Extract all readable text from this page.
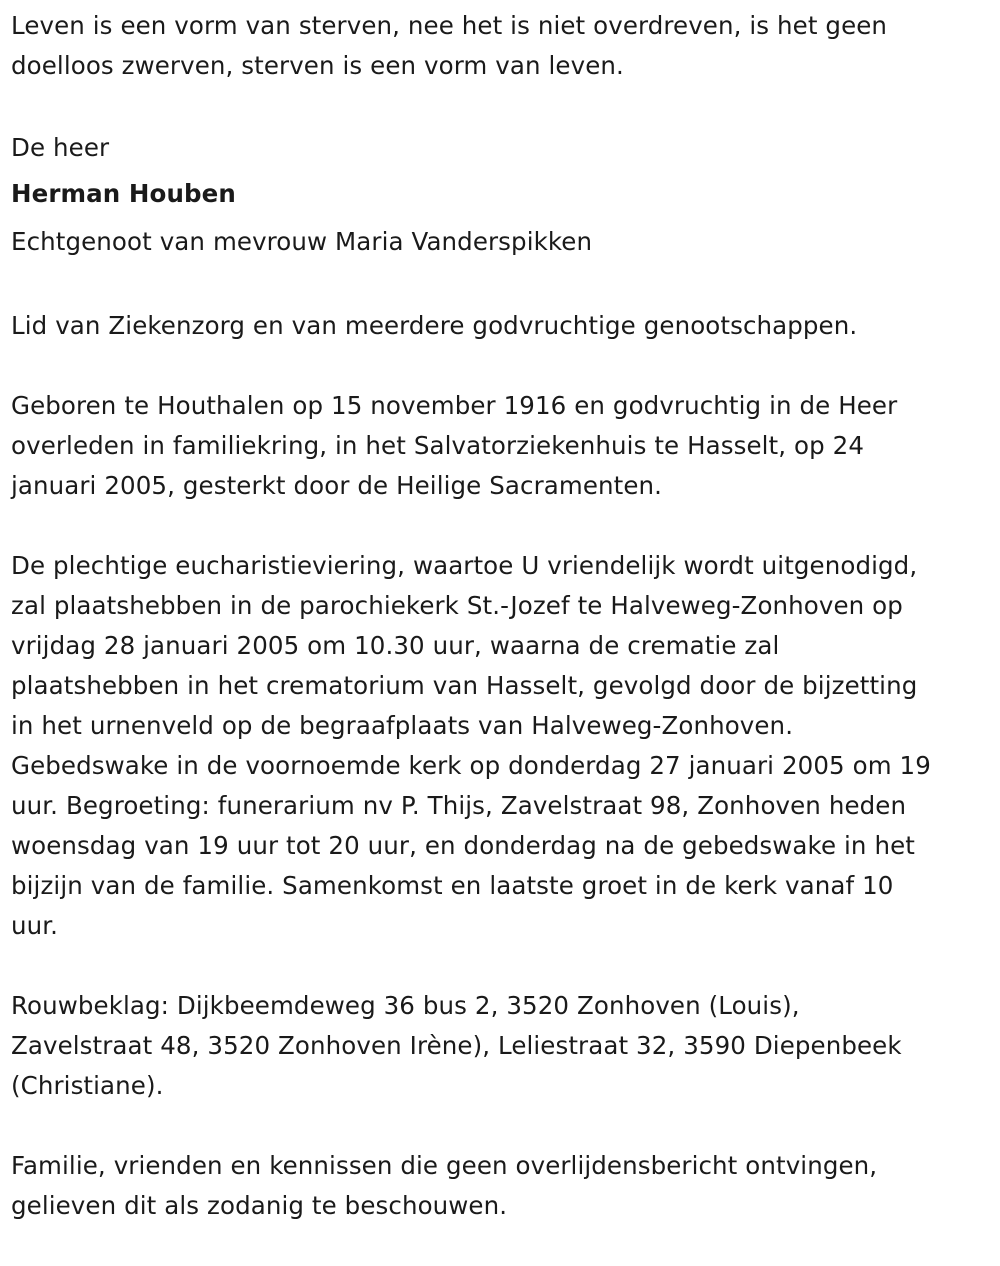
Leven is een vorm van sterven, nee het is niet overdreven, is het geen
doelloos zwerven, sterven is een vorm van leven.
De heer
Herman Houben
Echtgenoot van mevrouw Maria Vanderspikken
Lid van Ziekenzorg en van meerdere godvruchtige genootschappen.
Geboren te Houthalen op 15 november 1916 en godvruchtig in de Heer
overleden in familiekring, in het Salvatorziekenhuis te Hasselt, op 24
januari 2005, gesterkt door de Heilige Sacramenten.
De plechtige eucharistieviering, waartoe U vriendelijk wordt uitgenodigd,
zal plaatshebben in de parochiekerk St.-Jozef te Halveweg-Zonhoven op
vrijdag 28 januari 2005 om 10.30 uur, waarna de crematie zal
plaatshebben in het crematorium van Hasselt, gevolgd door de bijzetting
in het urnenveld op de begraafplaats van Halveweg-Zonhoven.
Gebedswake in de voornoemde kerk op donderdag 27 januari 2005 om 19
uur. Begroeting: funerarium nv P. Thijs, Zavelstraat 98, Zonhoven heden
woensdag van 19 uur tot 20 uur, en donderdag na de gebedswake in het
bijzijn van de familie. Samenkomst en laatste groet in de kerk vanaf 10
uur.
Rouwbeklag: Dijkbeemdeweg 36 bus 2, 3520 Zonhoven (Louis),
Zavelstraat 48, 3520 Zonhoven Irène), Leliestraat 32, 3590 Diepenbeek
(Christiane).
Familie, vrienden en kennissen die geen overlijdensbericht ontvingen,
gelieven dit als zodanig te beschouwen.
